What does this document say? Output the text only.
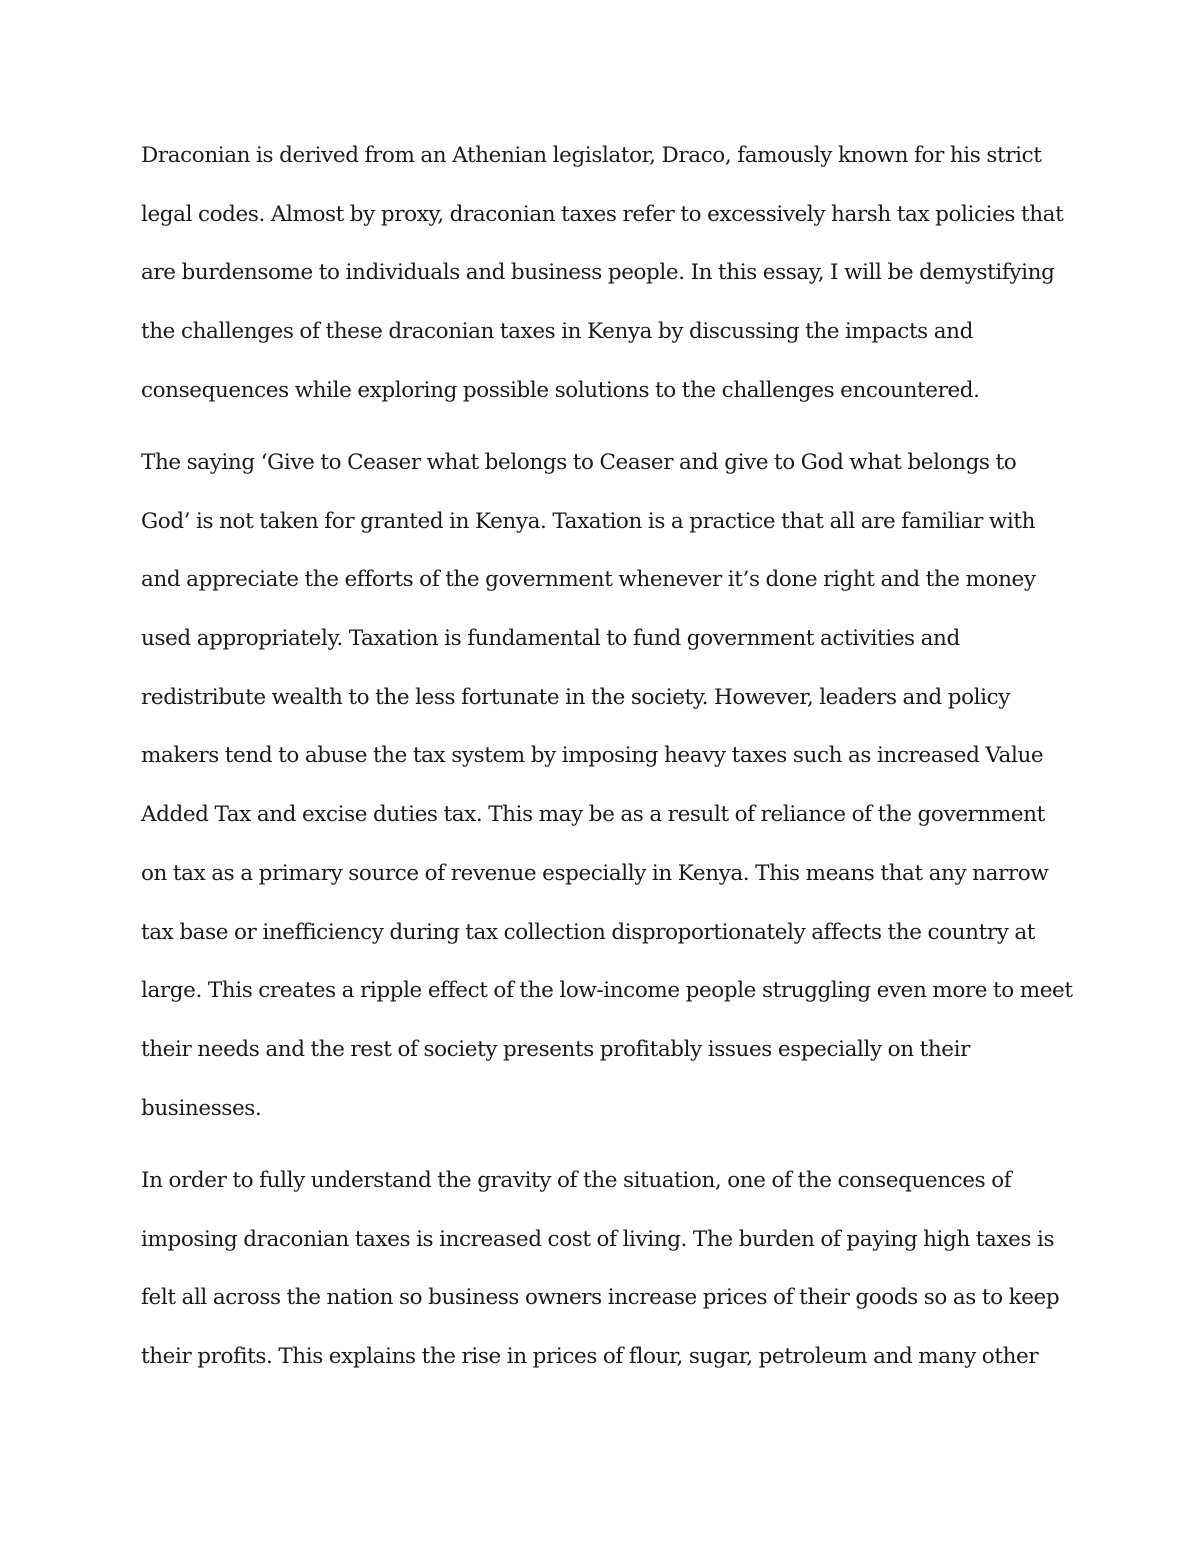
Draconian is derived from an Athenian legislator, Draco, famously known for his strict
legal codes. Almost by proxy, draconian taxes refer to excessively harsh tax policies that
are burdensome to individuals and business people. In this essay, I will be demystifying
the challenges of these draconian taxes in Kenya by discussing the impacts and
consequences while exploring possible solutions to the challenges encountered.

The saying ‘Give to Ceaser what belongs to Ceaser and give to God what belongs to
God’ is not taken for granted in Kenya. Taxation is a practice that all are familiar with
and appreciate the efforts of the government whenever it’s done right and the money
used appropriately. Taxation is fundamental to fund government activities and
redistribute wealth to the less fortunate in the society. However, leaders and policy
makers tend to abuse the tax system by imposing heavy taxes such as increased Value
Added Tax and excise duties tax. This may be as a result of reliance of the government
on tax as a primary source of revenue especially in Kenya. This means that any narrow
tax base or inefficiency during tax collection disproportionately affects the country at
large. This creates a ripple effect of the low-income people struggling even more to meet
their needs and the rest of society presents profitably issues especially on their
businesses.

In order to fully understand the gravity of the situation, one of the consequences of
imposing draconian taxes is increased cost of living. The burden of paying high taxes is
felt all across the nation so business owners increase prices of their goods so as to keep
their profits. This explains the rise in prices of flour, sugar, petroleum and many other
